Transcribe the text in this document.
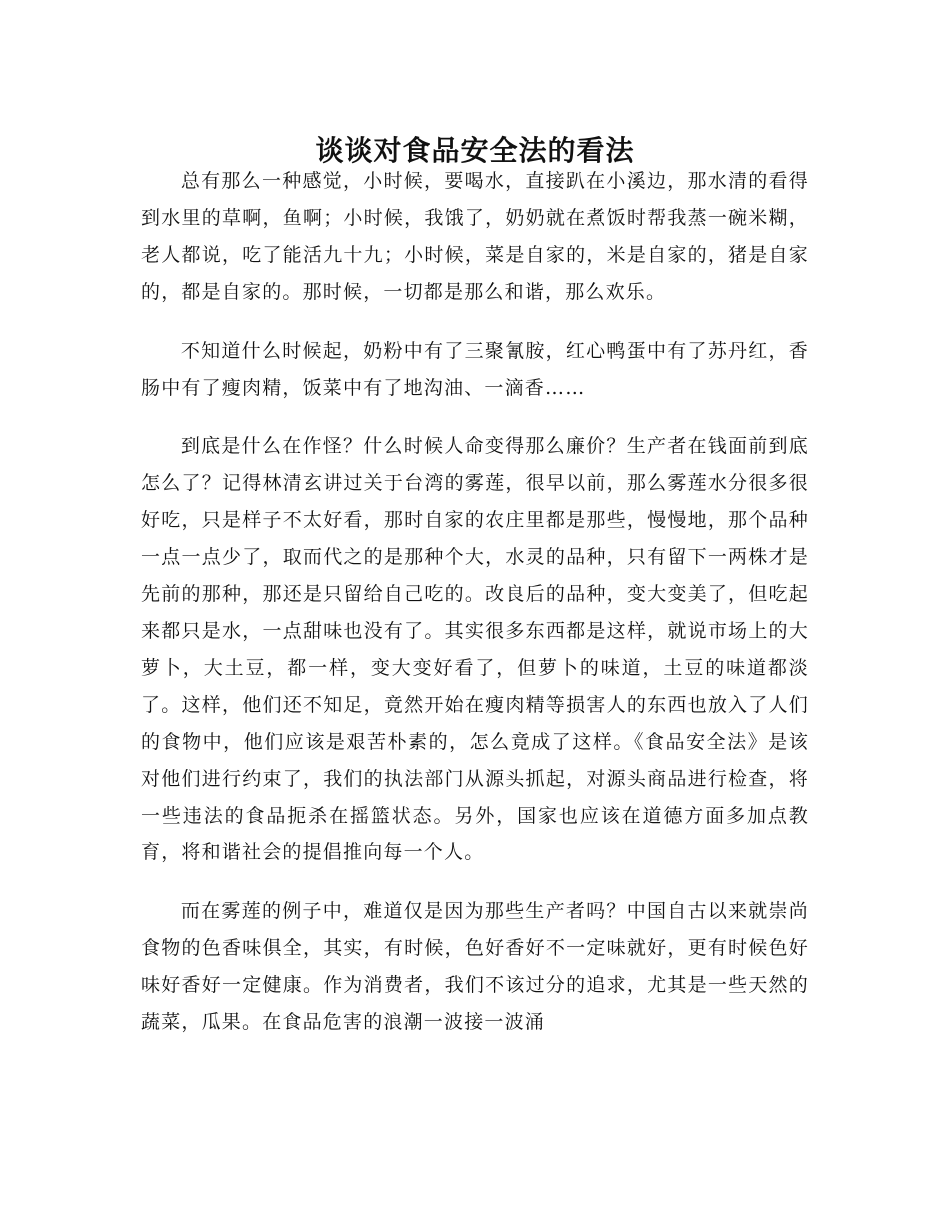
谈谈对食品安全法的看法

总有那么一种感觉，小时候，要喝水，直接趴在小溪边，那水清的看得到水里的草啊，鱼啊；小时候，我饿了，奶奶就在煮饭时帮我蒸一碗米糊，老人都说，吃了能活九十九；小时候，菜是自家的，米是自家的，猪是自家的，都是自家的。那时候，一切都是那么和谐，那么欢乐。

不知道什么时候起，奶粉中有了三聚氰胺，红心鸭蛋中有了苏丹红，香肠中有了瘦肉精，饭菜中有了地沟油、一滴香……

到底是什么在作怪？什么时候人命变得那么廉价？生产者在钱面前到底怎么了？记得林清玄讲过关于台湾的雾莲，很早以前，那么雾莲水分很多很好吃，只是样子不太好看，那时自家的农庄里都是那些，慢慢地，那个品种一点一点少了，取而代之的是那种个大，水灵的品种，只有留下一两株才是先前的那种，那还是只留给自己吃的。改良后的品种，变大变美了，但吃起来都只是水，一点甜味也没有了。其实很多东西都是这样，就说市场上的大萝卜，大土豆，都一样，变大变好看了，但萝卜的味道，土豆的味道都淡了。这样，他们还不知足，竟然开始在瘦肉精等损害人的东西也放入了人们的食物中，他们应该是艰苦朴素的，怎么竟成了这样。《食品安全法》是该对他们进行约束了，我们的执法部门从源头抓起，对源头商品进行检查，将一些违法的食品扼杀在摇篮状态。另外，国家也应该在道德方面多加点教育，将和谐社会的提倡推向每一个人。

而在雾莲的例子中，难道仅是因为那些生产者吗？中国自古以来就崇尚食物的色香味俱全，其实，有时候，色好香好不一定味就好，更有时候色好味好香好一定健康。作为消费者，我们不该过分的追求，尤其是一些天然的蔬菜，瓜果。在食品危害的浪潮一波接一波涌
